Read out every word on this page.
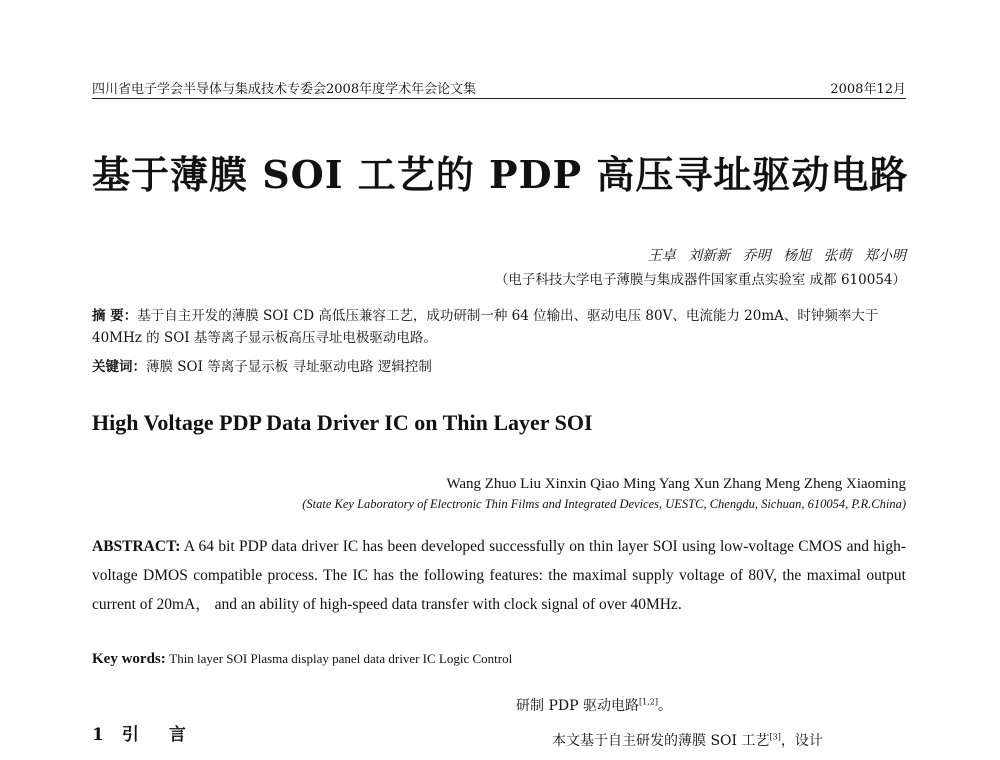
四川省电子学会半导体与集成技术专委会2008年度学术年会论文集	2008年12月
基于薄膜 SOI 工艺的 PDP 高压寻址驱动电路
王卓 刘新新 乔明 杨旭 张萌 郑小明
（电子科技大学电子薄膜与集成器件国家重点实验室 成都 610054）
摘 要：基于自主开发的薄膜 SOI CD 高低压兼容工艺，成功研制一种 64 位输出、驱动电压 80V、电流能力 20mA、时钟频率大于 40MHz 的 SOI 基等离子显示板高压寻址电极驱动电路。
关键词：薄膜 SOI 等离子显示板 寻址驱动电路 逻辑控制
High Voltage PDP Data Driver IC on Thin Layer SOI
Wang Zhuo Liu Xinxin Qiao Ming Yang Xun Zhang Meng Zheng Xiaoming
(State Key Laboratory of Electronic Thin Films and Integrated Devices, UESTC, Chengdu, Sichuan, 610054, P.R.China)
ABSTRACT: A 64 bit PDP data driver IC has been developed successfully on thin layer SOI using low-voltage CMOS and high-voltage DMOS compatible process. The IC has the following features: the maximal supply voltage of 80V, the maximal output current of 20mA， and an ability of high-speed data transfer with clock signal of over 40MHz.
Key words: Thin layer SOI Plasma display panel data driver IC Logic Control
1 引言
研制 PDP 驱动电路[1,2]。
本文基于自主研发的薄膜 SOI 工艺[3]，设计
